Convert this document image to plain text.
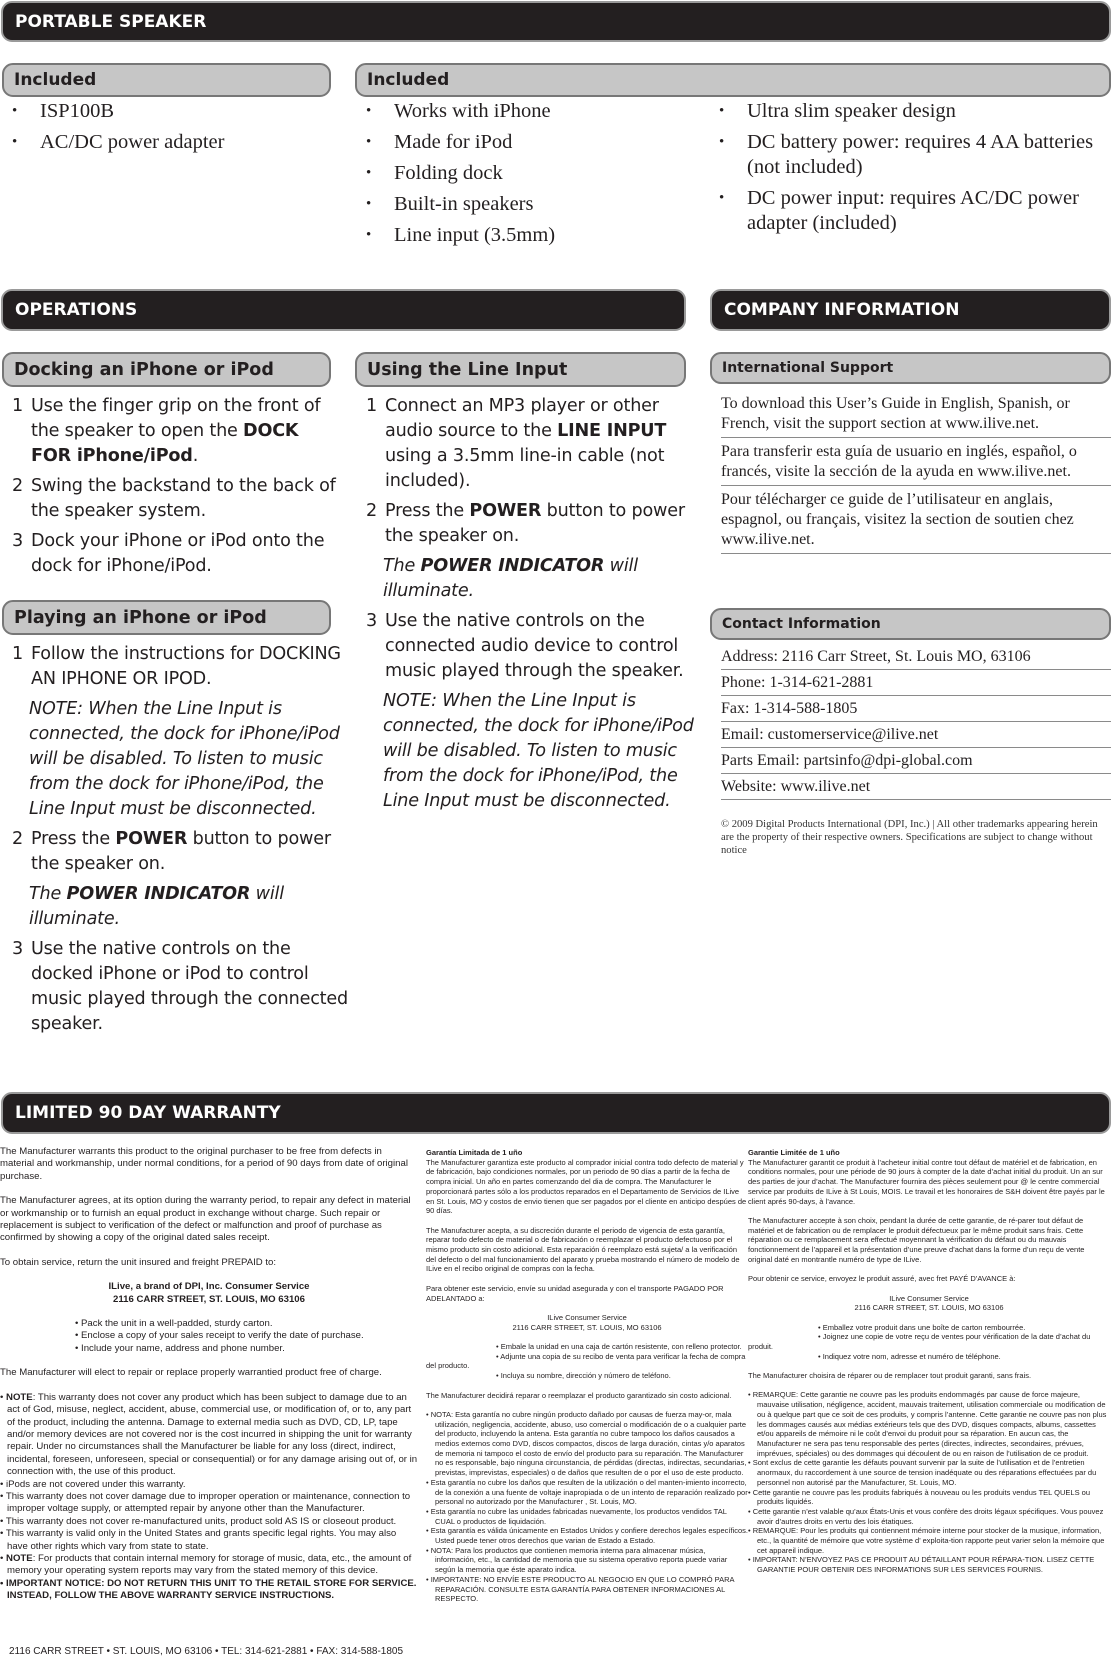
PORTABLE SPEAKER
Included
• ISP100B
• AC/DC power adapter
Included
• Works with iPhone
• Made for iPod
• Folding dock
• Built-in speakers
• Line input (3.5mm)
• Ultra slim speaker design
• DC battery power: requires 4 AA batteries (not included)
• DC power input: requires AC/DC power adapter (included)
OPERATIONS
Docking an iPhone or iPod
1 Use the finger grip on the front of the speaker to open the DOCK FOR iPhone/iPod.
2 Swing the backstand to the back of the speaker system.
3 Dock your iPhone or iPod onto the dock for iPhone/iPod.
Playing an iPhone or iPod
1 Follow the instructions for DOCKING AN IPHONE OR IPOD.
NOTE: When the Line Input is connected, the dock for iPhone/iPod will be disabled. To listen to music from the dock for iPhone/iPod, the Line Input must be disconnected.
2 Press the POWER button to power the speaker on.
The POWER INDICATOR will illuminate.
3 Use the native controls on the docked iPhone or iPod to control music played through the connected speaker.
Using the Line Input
1 Connect an MP3 player or other audio source to the LINE INPUT using a 3.5mm line-in cable (not included).
2 Press the POWER button to power the speaker on.
The POWER INDICATOR will illuminate.
3 Use the native controls on the connected audio device to control music played through the speaker.
NOTE: When the Line Input is connected, the dock for iPhone/iPod will be disabled. To listen to music from the dock for iPhone/iPod, the Line Input must be disconnected.
COMPANY INFORMATION
International Support
To download this User’s Guide in English, Spanish, or French, visit the support section at www.ilive.net.
Para transferir esta guía de usuario en inglés, español, o francés, visite la sección de la ayuda en www.ilive.net.
Pour télécharger ce guide de l’utilisateur en anglais, espagnol, ou français, visitez la section de soutien chez www.ilive.net.
Contact Information
Address: 2116 Carr Street, St. Louis MO, 63106
Phone: 1-314-621-2881
Fax: 1-314-588-1805
Email: customerservice@ilive.net
Parts Email: partsinfo@dpi-global.com
Website: www.ilive.net
© 2009 Digital Products International (DPI, Inc.) | All other trademarks appearing herein are the property of their respective owners. Specifications are subject to change without notice
LIMITED 90 DAY WARRANTY

The Manufacturer warrants this product to the original purchaser to be free from defects in material and workmanship, under normal conditions, for a period of 90 days from date of original purchase.

The Manufacturer agrees, at its option during the warranty period, to repair any defect in material or workmanship or to furnish an equal product in exchange without charge. Such repair or replacement is subject to verification of the defect or malfunction and proof of purchase as confirmed by showing a copy of the original dated sales receipt.

To obtain service, return the unit insured and freight PREPAID to:

ILive, a brand of DPI, Inc. Consumer Service
2116 CARR STREET, ST. LOUIS, MO 63106
• Pack the unit in a well-padded, sturdy carton.
• Enclose a copy of your sales receipt to verify the date of purchase.
• Include your name, address and phone number.

The Manufacturer will elect to repair or replace properly warrantied product free of charge.

• NOTE: This warranty does not cover any product which has been subject to damage due to an act of God, misuse, neglect, accident, abuse, commercial use, or modification of, or to, any part of the product, including the antenna. Damage to external media such as DVD, CD, LP, tape and/or memory devices are not covered nor is the cost incurred in shipping the unit for warranty repair. Under no circumstances shall the Manufacturer be liable for any loss (direct, indirect, incidental, foreseen, unforeseen, special or consequential) or for any damage arising out of, or in connection with, the use of this product.
• iPods are not covered under this warranty.
• This warranty does not cover damage due to improper operation or maintenance, connection to improper voltage supply, or attempted repair by anyone other than the Manufacturer.
• This warranty does not cover re-manufactured units, product sold AS IS or closeout product.
• This warranty is valid only in the United States and grants specific legal rights. You may also have other rights which vary from state to state.
• NOTE: For products that contain internal memory for storage of music, data, etc., the amount of memory your operating system reports may vary from the stated memory of this device.
• IMPORTANT NOTICE: DO NOT RETURN THIS UNIT TO THE RETAIL STORE FOR SERVICE. INSTEAD, FOLLOW THE ABOVE WARRANTY SERVICE INSTRUCTIONS.
2116 CARR STREET • ST. LOUIS, MO 63106 • TEL: 314-621-2881 • FAX: 314-588-1805
Garantía Limitada de 1 uño

The Manufacturer garantiza este producto al comprador inicial contra todo defecto de material y de fabricación, bajo condiciones normales, por un periodo de 90 días a partir de la fecha de compra inicial. Un año en partes comenzando del dia de compra. The Manufacturer le proporcionará partes sólo a los productos reparados en el Departamento de Servicios de ILive en St. Louis, MO y costos de envio tienen que ser pagados por el cliente en anticipo despúes de 90 días.

The Manufacturer acepta, a su discreción durante el periodo de vigencia de esta garantía, reparar todo defecto de material o de fabricación o reemplazar el producto defectuoso por el mismo producto sin costo adicional. Esta reparación ó reemplazo está sujeta/ a la verificación del defecto o del mal funcionamiento del aparato y prueba mostrando el número de modelo de ILive en el recibo original de compras con la fecha.

Para obtener este servicio, envíe su unidad asegurada y con el transporte PAGADO POR ADELANTADO a:

ILive Consumer Service
2116 CARR STREET, ST. LOUIS, MO 63106
• Embale la unidad en una caja de cartón resistente, con relleno protector.
• Adjunte una copia de su recibo de venta para verificar la fecha de compra del producto.
• Incluya su nombre, dirección y número de teléfono.

The Manufacturer decidirá reparar o reemplazar el producto garantizado sin costo adicional.

• NOTA: Esta garantía no cubre ningún producto dañado por causas de fuerza may-or, mala utilización, negligencia, accidente, abuso, uso comercial o modificación de o a cualquier parte del producto, incluyendo la antena. Esta garantía no cubre tampoco los daños causados a medios externos como DVD, discos compactos, discos de larga duración, cintas y/o aparatos de memoria ni tampoco el costo de envío del producto para su reparación. The Manufacturer no es responsable, bajo ninguna circunstancia, de pérdidas (directas, indirectas, secundarias, previstas, imprevistas, especiales) o de daños que resulten de o por el uso de este producto.
• Esta garantía no cubre los daños que resulten de la utilización o del manten-imiento incorrecto, de la conexión a una fuente de voltaje inapropiada o de un intento de reparación realizado por personal no autorizado por the Manufacturer , St. Louis, MO.
• Esta garantía no cubre las unidades fabricadas nuevamente, los productos vendidos TAL CUAL o productos de liquidación.
• Esta garantía es válida únicamente en Estados Unidos y confiere derechos legales específicos. Usted puede tener otros derechos que varian de Estado a Estado.
• NOTA: Para los productos que contienen memoria interna para almacenar música, información, etc., la cantidad de memoria que su sistema operativo reporta puede variar según la memoria que éste aparato indica.
• IMPORTANTE: NO ENVÍE ESTE PRODUCTO AL NEGOCIO EN QUE LO COMPRÓ PARA REPARACIÓN. CONSULTE ESTA GARANTÍA PARA OBTENER INFORMACIONES AL RESPECTO.
Garantie Limitée de 1 uño

The Manufacturer garantit ce produit à l’acheteur initial contre tout défaut de matériel et de fabrication, en conditions normales, pour une période de 90 jours à compter de la date d’achat initial du produit. Un an sur des parties de jour d’achat. The Manufacturer fournira des pièces seulement pour @ le centre commercial service par produits de ILive à St Louis, MOIS. Le travail et les honoraires de S&H doivent être payés par le client aprés 90-days, à l’avance.

The Manufacturer accepte à son choix, pendant la durée de cette garantie, de ré-parer tout défaut de matériel et de fabrication ou de remplacer le produit défectueux par le même produit sans frais. Cette réparation ou ce remplacement sera effectué moyennant la vérification du défaut ou du mauvais fonctionnement de l’appareil et la présentation d’une preuve d’achat dans la forme d’un reçu de vente original daté en montrantle numéro de type de ILive.

Pour obtenir ce service, envoyez le produit assuré, avec fret PAYÉ D’AVANCE à:

ILive Consumer Service
2116 CARR STREET, ST. LOUIS, MO 63106
• Emballez votre produit dans une boîte de carton rembourrée.
• Joignez une copie de votre reçu de ventes pour vérification de la date d’achat du produit.
• Indiquez votre nom, adresse et numéro de téléphone.

The Manufacturer choisira de réparer ou de remplacer tout produit garanti, sans frais.

• REMARQUE: Cette garantie ne couvre pas les produits endommagés par cause de force majeure, mauvaise utilisation, négligence, accident, mauvais traitement, utilisation commerciale ou modification de ou à quelque part que ce soit de ces produits, y compris l’antenne. Cette garantie ne couvre pas non plus les dommages causés aux médias extérieurs tels que des DVD, disques compacts, albums, cassettes et/ou appareils de mémoire ni le coût d’envoi du produit pour sa réparation. En aucun cas, the Manufacturer ne sera pas tenu responsable des pertes (directes, indirectes, secondaires, prévues, imprévues, spéciales) ou des dommages qui découlent de ou en raison de l’utilisation de ce produit.
• Sont exclus de cette garantie les défauts pouvant survenir par la suite de l’utilisation et de l’entretien anormaux, du raccordement à une source de tension inadéquate ou des réparations effectuées par du personnel non autorisé par the Manufacturer, St. Louis, MO.
• Cette garantie ne couvre pas les produits fabriqués à nouveau ou les produits vendus TEL QUELS ou produits liquidés.
• Cette garantie n’est valable qu’aux États-Unis et vous confère des droits légaux spécifiques. Vous pouvez avoir d’autres droits en vertu des lois étatiques.
• REMARQUE: Pour les produits qui contiennent mémoire interne pour stocker de la musique, information, etc., la quantité de mémoire que votre système d’ exploita-tion rapporte peut varier selon la mémoire que cet appareil indique.
• IMPORTANT: N’ENVOYEZ PAS CE PRODUIT AU DÉTAILLANT POUR RÉPARA-TION. LISEZ CETTE GARANTIE POUR OBTENIR DES INFORMATIONS SUR LES SERVICES FOURNIS.
